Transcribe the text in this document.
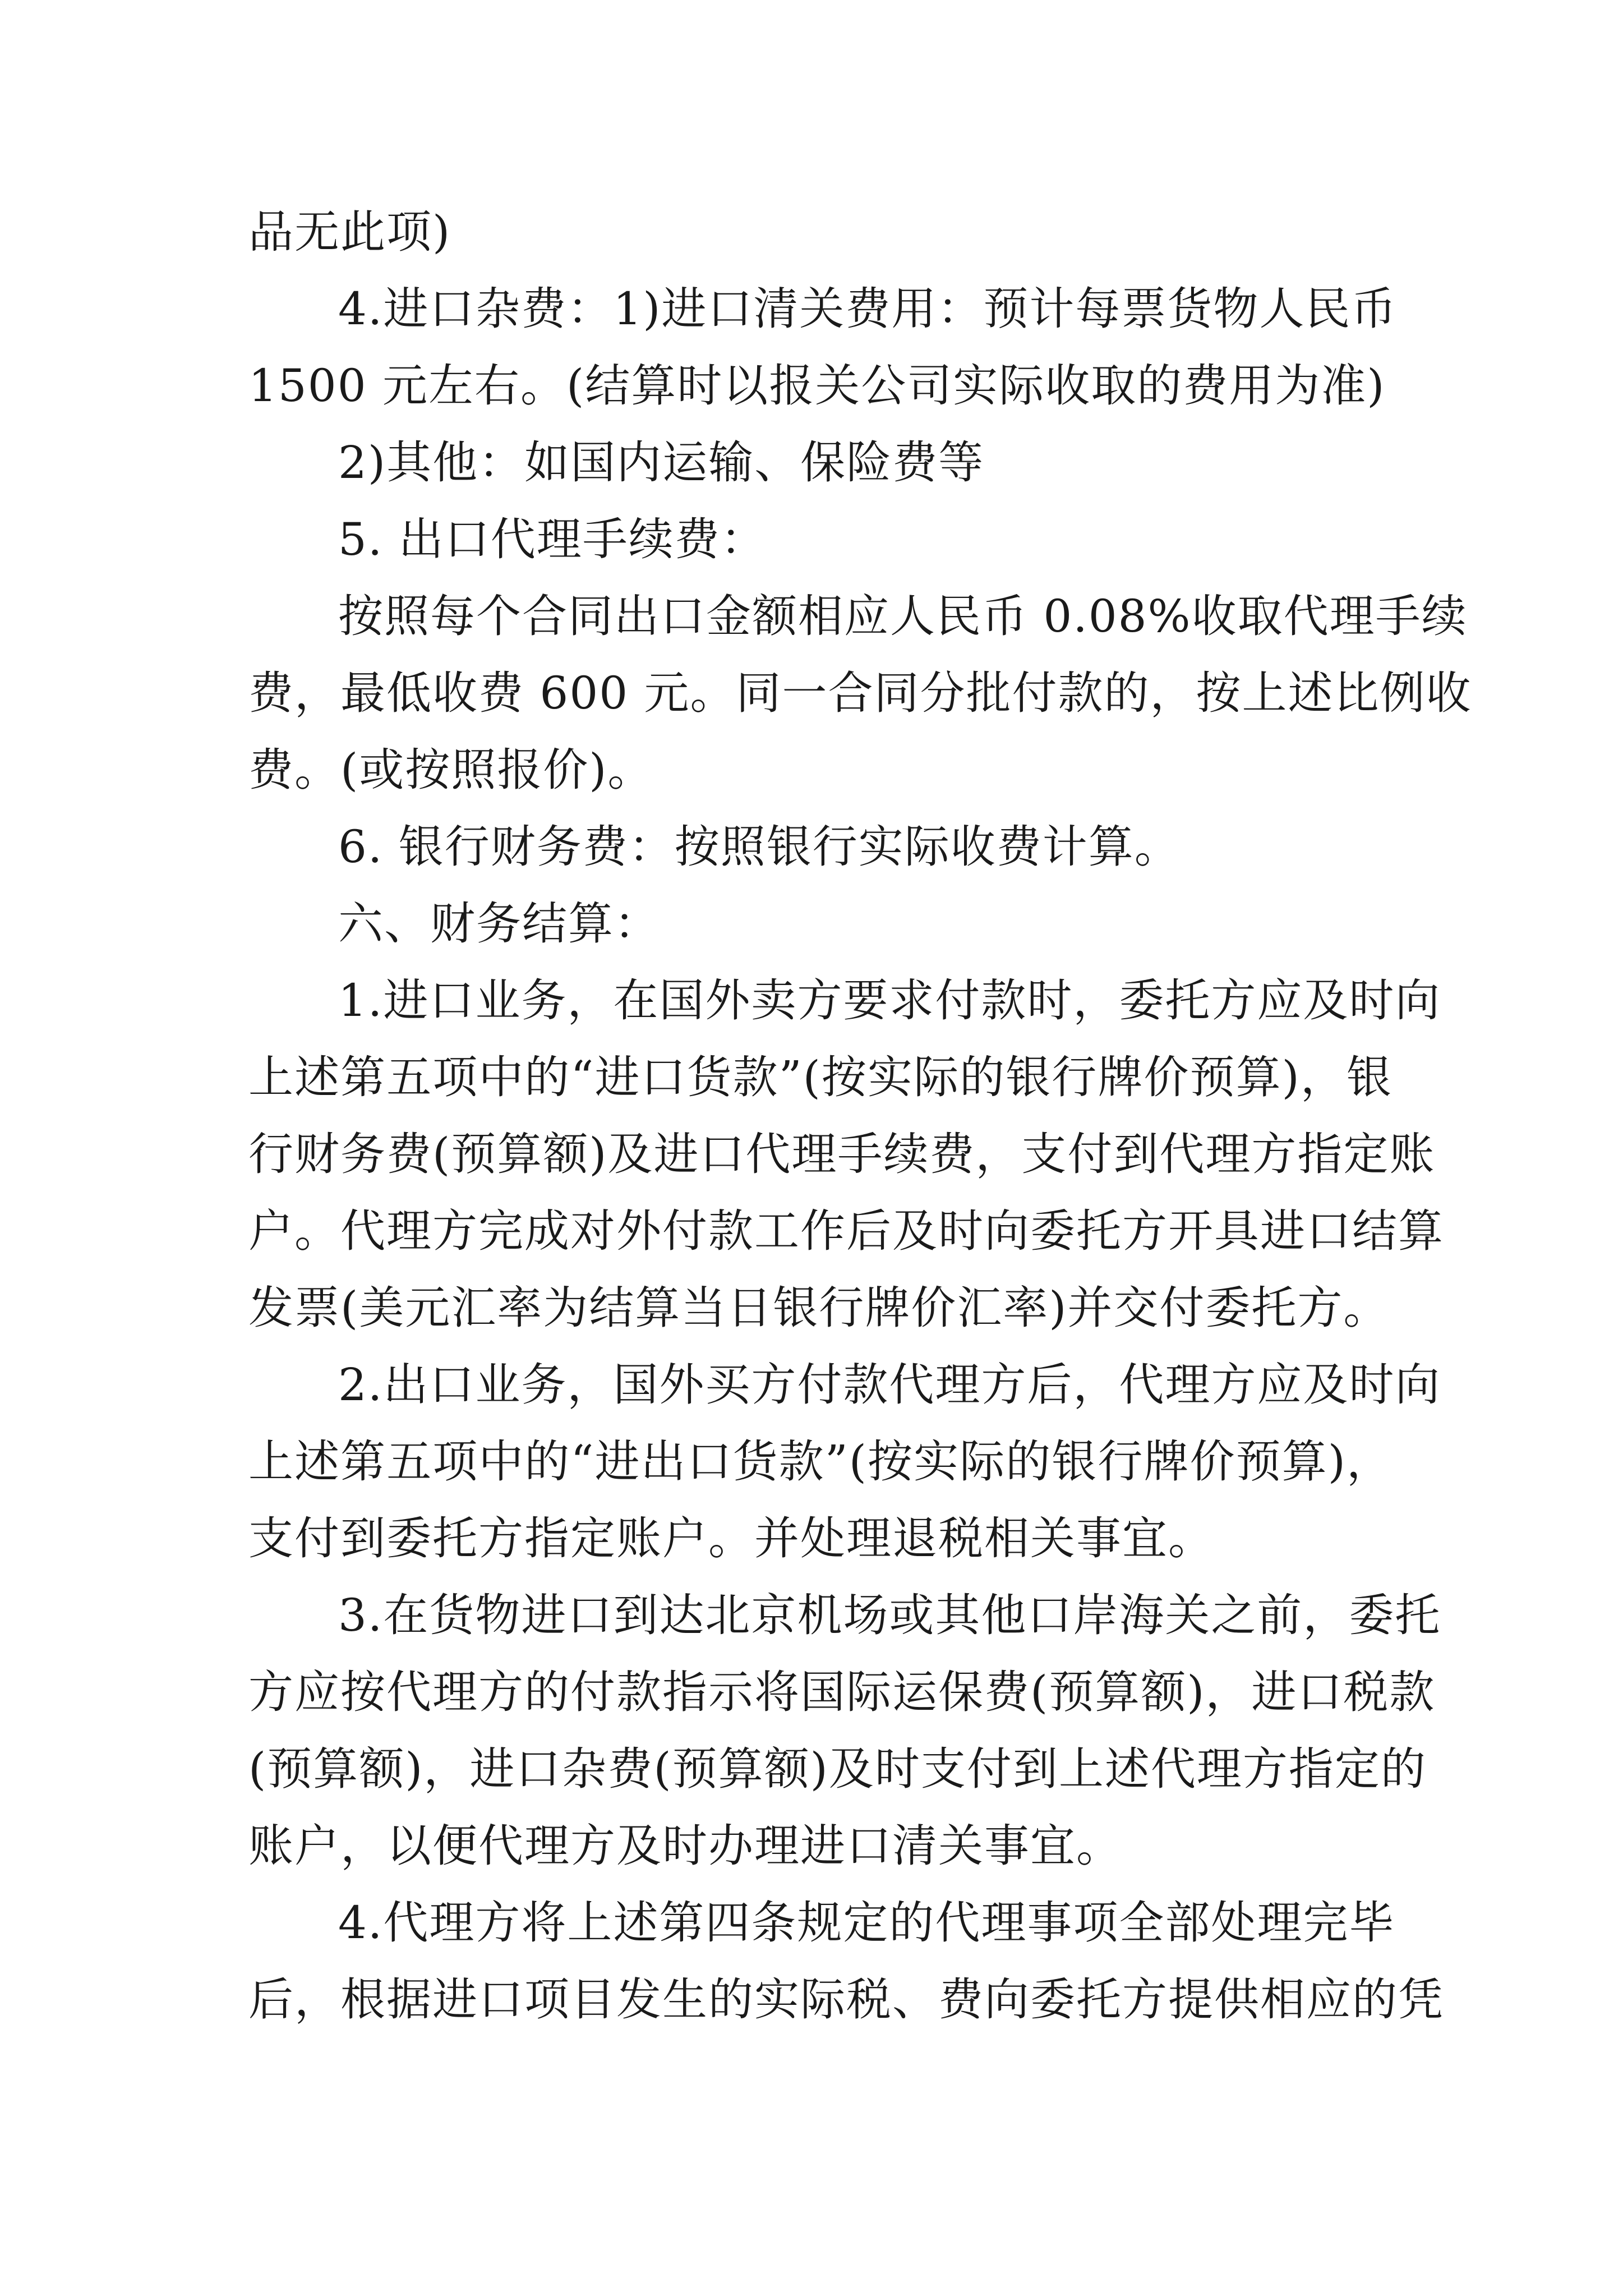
品无此项)
4.进口杂费：1)进口清关费用：预计每票货物人民币
1500 元左右。(结算时以报关公司实际收取的费用为准)
2)其他：如国内运输、保险费等
5. 出口代理手续费：
按照每个合同出口金额相应人民币 0.08%收取代理手续
费，最低收费 600 元。同一合同分批付款的，按上述比例收
费。(或按照报价)。
6. 银行财务费：按照银行实际收费计算。
六、财务结算：
1.进口业务，在国外卖方要求付款时，委托方应及时向
上述第五项中的“进口货款”(按实际的银行牌价预算)，银
行财务费(预算额)及进口代理手续费，支付到代理方指定账
户。代理方完成对外付款工作后及时向委托方开具进口结算
发票(美元汇率为结算当日银行牌价汇率)并交付委托方。
2.出口业务，国外买方付款代理方后，代理方应及时向
上述第五项中的“进出口货款”(按实际的银行牌价预算)，
支付到委托方指定账户。并处理退税相关事宜。
3.在货物进口到达北京机场或其他口岸海关之前，委托
方应按代理方的付款指示将国际运保费(预算额)，进口税款
(预算额)，进口杂费(预算额)及时支付到上述代理方指定的
账户，以便代理方及时办理进口清关事宜。
4.代理方将上述第四条规定的代理事项全部处理完毕
后，根据进口项目发生的实际税、费向委托方提供相应的凭
